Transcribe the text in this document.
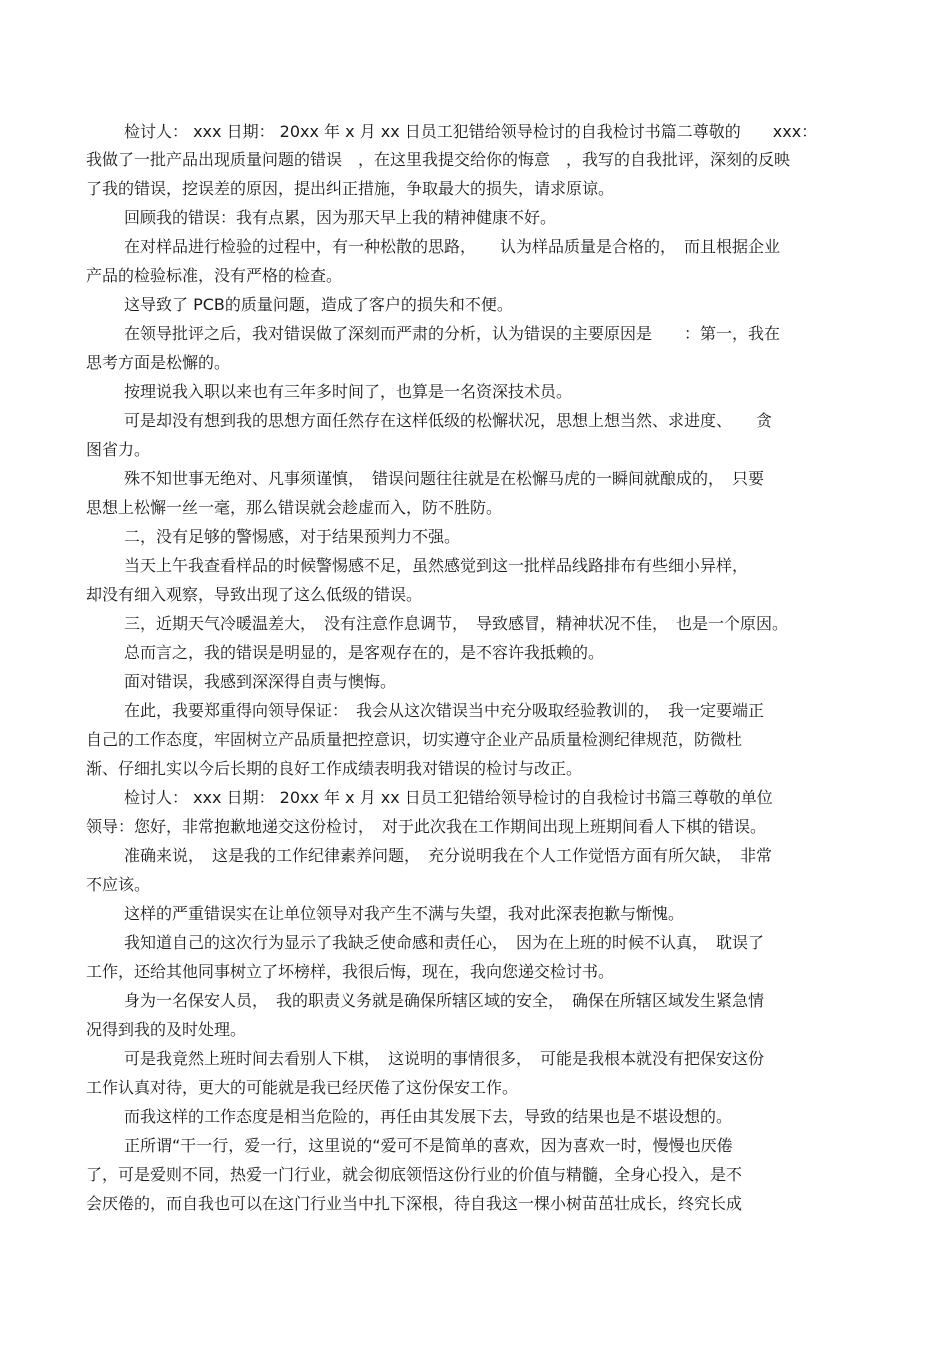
检讨人： xxx 日期： 20xx 年 x 月 xx 日员工犯错给领导检讨的自我检讨书篇二尊敬的　　xxx：
我做了一批产品出现质量问题的错误　，在这里我提交给你的悔意　，我写的自我批评，深刻的反映
了我的错误，挖误差的原因，提出纠正措施，争取最大的损失，请求原谅。
回顾我的错误：我有点累，因为那天早上我的精神健康不好。
在对样品进行检验的过程中，有一种松散的思路，　　认为样品质量是合格的，　而且根据企业
产品的检验标准，没有严格的检查。
这导致了 PCB的质量问题，造成了客户的损失和不便。
在领导批评之后，我对错误做了深刻而严肃的分析，认为错误的主要原因是　　：第一，我在
思考方面是松懈的。
按理说我入职以来也有三年多时间了，也算是一名资深技术员。
可是却没有想到我的思想方面任然存在这样低级的松懈状况，思想上想当然、求进度、　　贪
图省力。
殊不知世事无绝对、凡事须谨慎，　错误问题往往就是在松懈马虎的一瞬间就酿成的，　只要
思想上松懈一丝一毫，那么错误就会趁虚而入，防不胜防。
二，没有足够的警惕感，对于结果预判力不强。
当天上午我查看样品的时候警惕感不足，虽然感觉到这一批样品线路排布有些细小异样，
却没有细入观察，导致出现了这么低级的错误。
三，近期天气冷暖温差大，　没有注意作息调节，　导致感冒，精神状况不佳，　也是一个原因。
总而言之，我的错误是明显的，是客观存在的，是不容许我抵赖的。
面对错误，我感到深深得自责与懊悔。
在此，我要郑重得向领导保证：　我会从这次错误当中充分吸取经验教训的，　我一定要端正
自己的工作态度，牢固树立产品质量把控意识，切实遵守企业产品质量检测纪律规范，防微杜
渐、仔细扎实以今后长期的良好工作成绩表明我对错误的检讨与改正。
检讨人： xxx 日期： 20xx 年 x 月 xx 日员工犯错给领导检讨的自我检讨书篇三尊敬的单位
领导：您好，非常抱歉地递交这份检讨，　对于此次我在工作期间出现上班期间看人下棋的错误。
准确来说，　这是我的工作纪律素养问题，　充分说明我在个人工作觉悟方面有所欠缺，　非常
不应该。
这样的严重错误实在让单位领导对我产生不满与失望，我对此深表抱歉与惭愧。
我知道自己的这次行为显示了我缺乏使命感和责任心，　因为在上班的时候不认真，　耽误了
工作，还给其他同事树立了坏榜样，我很后悔，现在，我向您递交检讨书。
身为一名保安人员，　我的职责义务就是确保所辖区域的安全，　确保在所辖区域发生紧急情
况得到我的及时处理。
可是我竟然上班时间去看别人下棋，　这说明的事情很多，　可能是我根本就没有把保安这份
工作认真对待，更大的可能就是我已经厌倦了这份保安工作。
而我这样的工作态度是相当危险的，再任由其发展下去，导致的结果也是不堪设想的。
正所谓“干一行，爱一行，这里说的“爱可不是简单的喜欢，因为喜欢一时，慢慢也厌倦
了，可是爱则不同，热爱一门行业，就会彻底领悟这份行业的价值与精髓，全身心投入，是不
会厌倦的，而自我也可以在这门行业当中扎下深根，待自我这一棵小树苗茁壮成长，终究长成
